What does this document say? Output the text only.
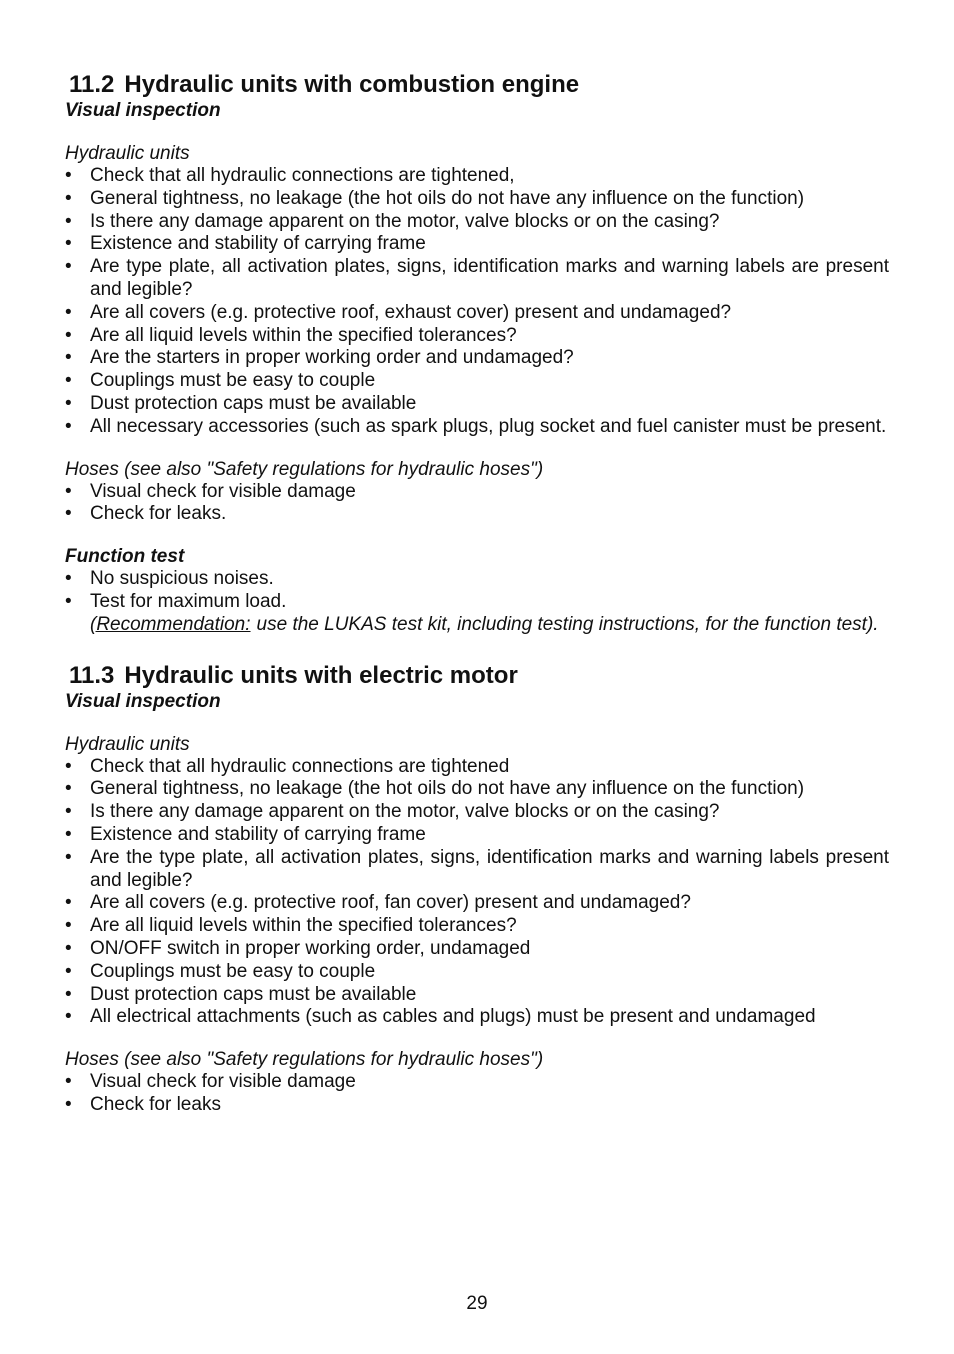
11.2 Hydraulic units with combustion engine

Visual inspection

Hydraulic units

• Check that all hydraulic connections are tightened,
• General tightness, no leakage (the hot oils do not have any influence on the function)
• Is there any damage apparent on the motor, valve blocks or on the casing?
• Existence and stability of carrying frame
• Are type plate, all activation plates, signs, identification marks and warning labels are present and legible?
• Are all covers (e.g. protective roof, exhaust cover) present and undamaged?
• Are all liquid levels within the specified tolerances?
• Are the starters in proper working order and undamaged?
• Couplings must be easy to couple
• Dust protection caps must be available
• All necessary accessories (such as spark plugs, plug socket and fuel canister must be present.

Hoses (see also "Safety regulations for hydraulic hoses")

• Visual check for visible damage
• Check for leaks.

Function test

• No suspicious noises.
• Test for maximum load.
(Recommendation: use the LUKAS test kit, including testing instructions, for the function test).
11.3 Hydraulic units with electric motor

Visual inspection

Hydraulic units

• Check that all hydraulic connections are tightened
• General tightness, no leakage (the hot oils do not have any influence on the function)
• Is there any damage apparent on the motor, valve blocks or on the casing?
• Existence and stability of carrying frame
• Are the type plate, all activation plates, signs, identification marks and warning labels present and legible?
• Are all covers (e.g. protective roof, fan cover) present and undamaged?
• Are all liquid levels within the specified tolerances?
• ON/OFF switch in proper working order, undamaged
• Couplings must be easy to couple
• Dust protection caps must be available
• All electrical attachments (such as cables and plugs) must be present and undamaged

Hoses (see also "Safety regulations for hydraulic hoses")

• Visual check for visible damage
• Check for leaks
29
